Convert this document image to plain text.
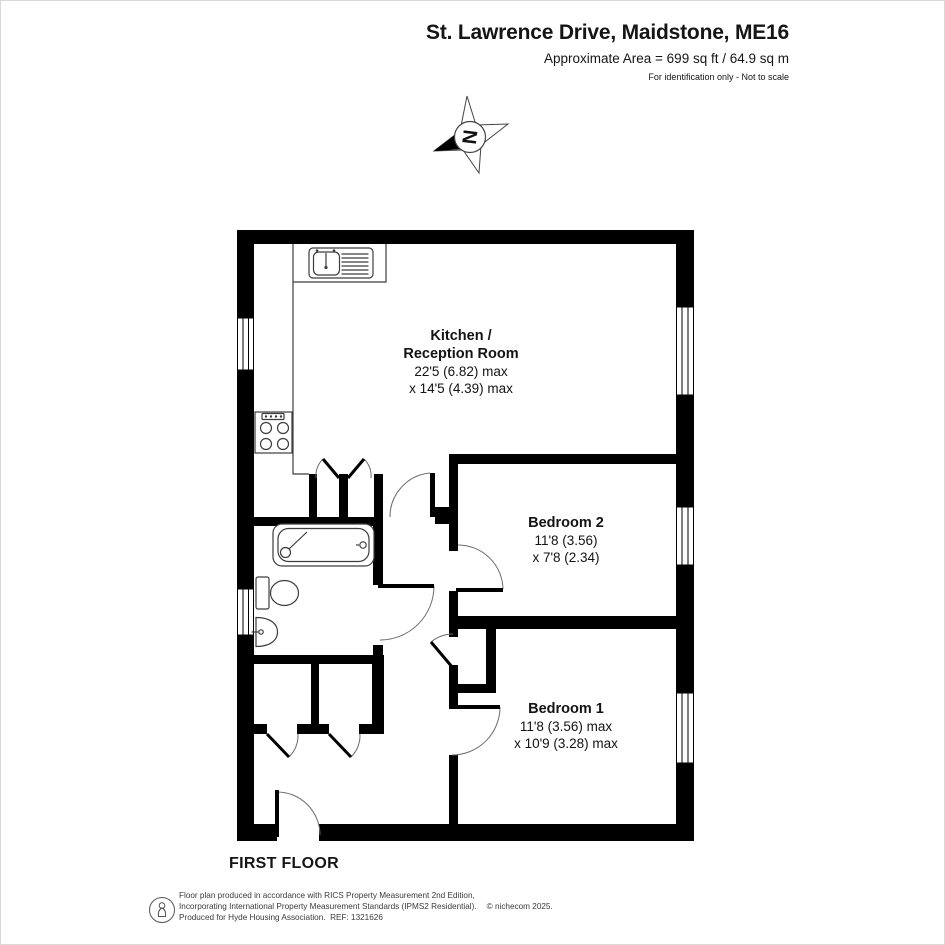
N
St. Lawrence Drive, Maidstone, ME16
Approximate Area = 699 sq ft / 64.9 sq m
For identification only - Not to scale
Kitchen /
Reception Room
22'5 (6.82) max
x 14'5 (4.39) max
Bedroom 2
11'8 (3.56)
x 7'8 (2.34)
Bedroom 1
11'8 (3.56) max
x 10'9 (3.28) max
FIRST FLOOR
Floor plan produced in accordance with RICS Property Measurement 2nd Edition,
Incorporating International Property Measurement Standards (IPMS2 Residential). © nichecom 2025.
Produced for Hyde Housing Association.  REF: 1321626
